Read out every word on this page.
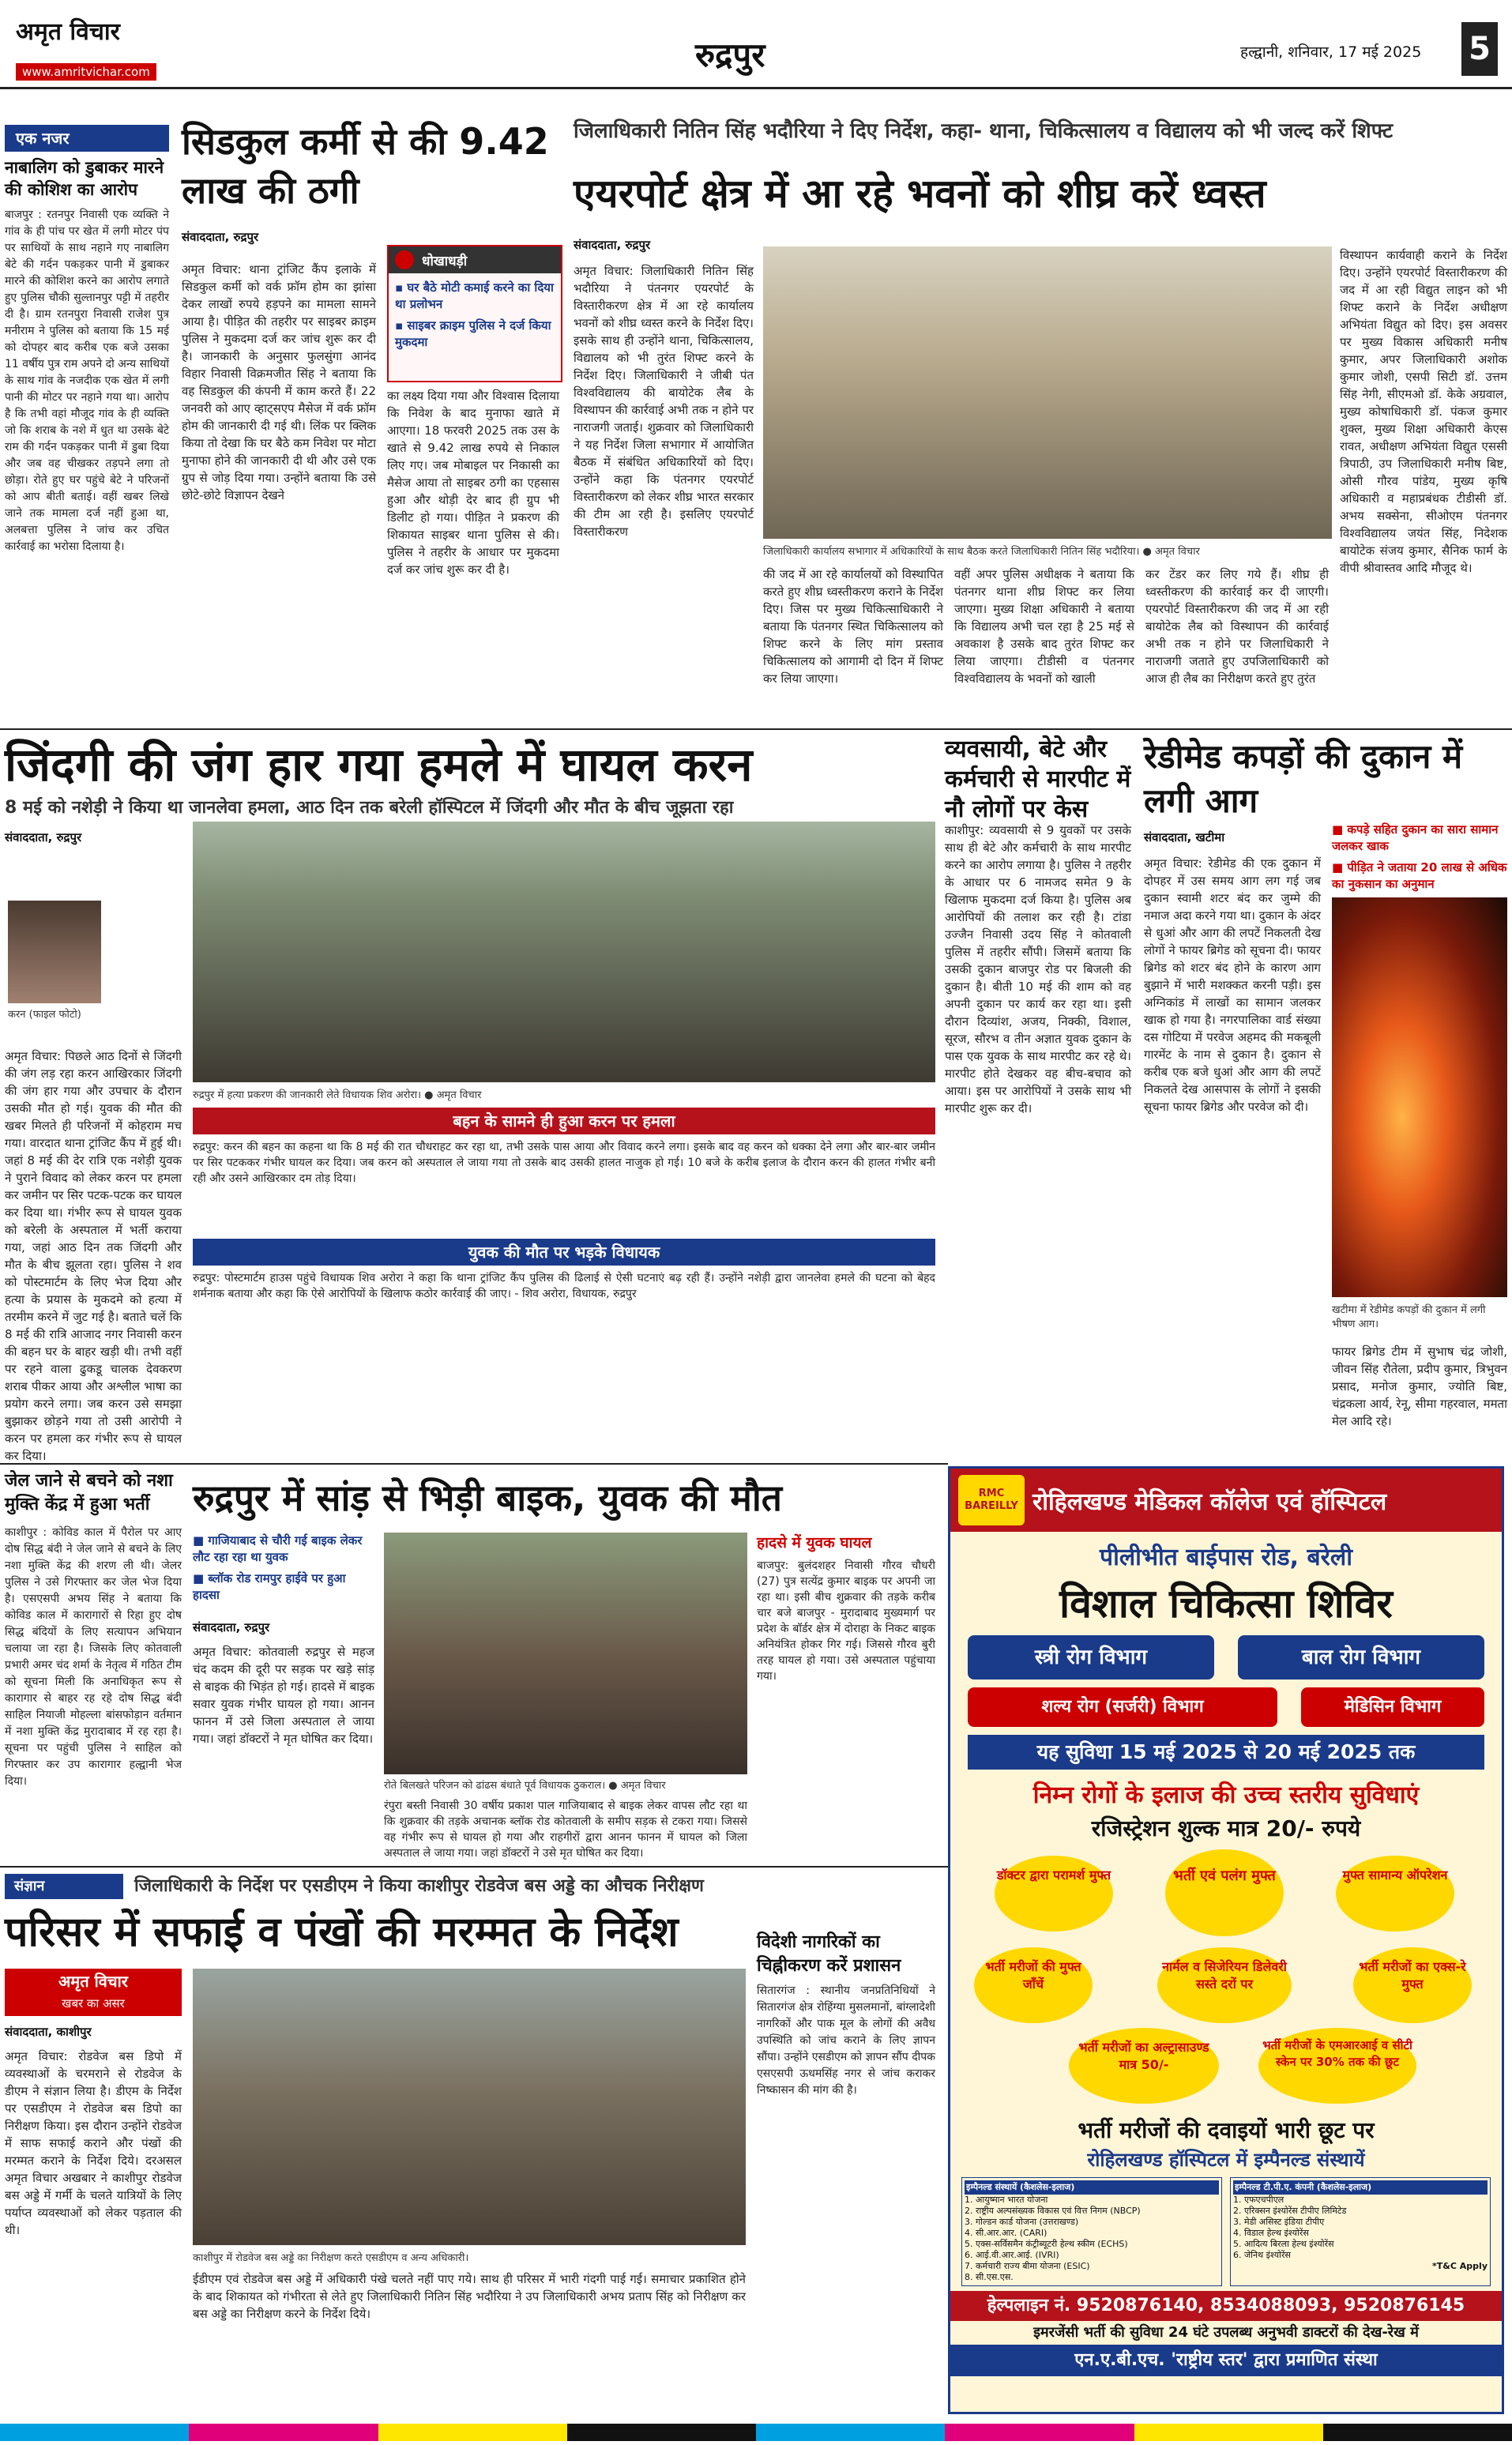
अमृत विचार
www.amritvichar.com	रुद्रपुर	हल्द्वानी, शनिवार, 17 मई 2025 5
एक नजर
नाबालिग को डुबाकर मारने की कोशिश का आरोप
बाजपुर : रतनपुर निवासी एक व्यक्ति ने गांव के ही पांच पर खेत में लगी मोटर पंप पर साथियों के साथ नहाने गए नाबालिग बेटे की गर्दन पकड़कर पानी में डुबाकर मारने की कोशिश करने का आरोप लगाते हुए पुलिस चौकी सुल्तानपुर पट्टी में तहरीर दी है। ग्राम रतनपुरा निवासी राजेश पुत्र मनीराम ने पुलिस को बताया कि 15 मई को दोपहर बाद करीब एक बजे उसका 11 वर्षीय पुत्र राम अपने दो अन्य साथियों के साथ गांव के नजदीक एक खेत में लगी पानी की मोटर पर नहाने गया था। आरोप है कि तभी वहां मौजूद गांव के ही व्यक्ति जो कि शराब के नशे में धुत था उसके बेटे राम की गर्दन पकड़कर पानी में डुबा दिया और जब वह चीखकर तड़पने लगा तो छोड़ा। रोते हुए घर पहुंचे बेटे ने परिजनों को आप बीती बताई। वहीं खबर लिखे जाने तक मामला दर्ज नहीं हुआ था, अलबत्ता पुलिस ने जांच कर उचित कार्रवाई का भरोसा दिलाया है।
सिडकुल कर्मी से की 9.42 लाख की ठगी
संवाददाता, रुद्रपुर
अमृत विचार: थाना ट्रांजिट कैंप इलाके में सिडकुल कर्मी को वर्क फ्रॉम होम का झांसा देकर लाखों रुपये हड़पने का मामला सामने आया है। पीड़ित की तहरीर पर साइबर क्राइम पुलिस ने मुकदमा दर्ज कर जांच शुरू कर दी है। जानकारी के अनुसार फुलसुंगा आनंद विहार निवासी विक्रमजीत सिंह ने बताया कि वह सिडकुल की कंपनी में काम करते हैं। 22 जनवरी को आए व्हाट्सएप मैसेज में वर्क फ्रॉम होम की जानकारी दी गई थी। लिंक पर क्लिक किया तो देखा कि घर बैठे कम निवेश पर मोटा मुनाफा होने की जानकारी दी थी और उसे एक ग्रुप से जोड़ दिया गया। उन्होंने बताया कि उसे छोटे-छोटे विज्ञापन देखने
धोखाधड़ी
▪ घर बैठे मोटी कमाई करने का दिया था प्रलोभन
▪ साइबर क्राइम पुलिस ने दर्ज किया मुकदमा
का लक्ष्य दिया गया और विश्वास दिलाया कि निवेश के बाद मुनाफा खाते में आएगा। 18 फरवरी 2025 तक उस के खाते से 9.42 लाख रुपये से निकाल लिए गए। जब मोबाइल पर निकासी का मैसेज आया तो साइबर ठगी का एहसास हुआ और थोड़ी देर बाद ही ग्रुप भी डिलीट हो गया। पीड़ित ने प्रकरण की शिकायत साइबर थाना पुलिस से की। पुलिस ने तहरीर के आधार पर मुकदमा दर्ज कर जांच शुरू कर दी है।
जिलाधिकारी नितिन सिंह भदौरिया ने दिए निर्देश, कहा- थाना, चिकित्सालय व विद्यालय को भी जल्द करें शिफ्ट
एयरपोर्ट क्षेत्र में आ रहे भवनों को शीघ्र करें ध्वस्त
संवाददाता, रुद्रपुर
अमृत विचार: जिलाधिकारी नितिन सिंह भदौरिया ने पंतनगर एयरपोर्ट के विस्तारीकरण क्षेत्र में आ रहे कार्यालय भवनों को शीघ्र ध्वस्त करने के निर्देश दिए। इसके साथ ही उन्होंने थाना, चिकित्सालय, विद्यालय को भी तुरंत शिफ्ट करने के निर्देश दिए। जिलाधिकारी ने जीबी पंत विश्वविद्यालय की बायोटेक लैब के विस्थापन की कार्रवाई अभी तक न होने पर नाराजगी जताई। शुक्रवार को जिलाधिकारी ने यह निर्देश जिला सभागार में आयोजित बैठक में संबंधित अधिकारियों को दिए। उन्होंने कहा कि पंतनगर एयरपोर्ट विस्तारीकरण को लेकर शीघ्र भारत सरकार की टीम आ रही है। इसलिए एयरपोर्ट विस्तारीकरण
जिलाधिकारी कार्यालय सभागार में अधिकारियों के साथ बैठक करते जिलाधिकारी नितिन सिंह भदौरिया। ● अमृत विचार
की जद में आ रहे कार्यालयों को विस्थापित करते हुए शीघ्र ध्वस्तीकरण कराने के निर्देश दिए। जिस पर मुख्य चिकित्साधिकारी ने बताया कि पंतनगर स्थित चिकित्सालय को शिफ्ट करने के लिए मांग प्रस्ताव चिकित्सालय को आगामी दो दिन में शिफ्ट कर लिया जाएगा।
वहीं अपर पुलिस अधीक्षक ने बताया कि पंतनगर थाना शीघ्र शिफ्ट कर लिया जाएगा। मुख्य शिक्षा अधिकारी ने बताया कि विद्यालय अभी चल रहा है 25 मई से अवकाश है उसके बाद तुरंत शिफ्ट कर लिया जाएगा। टीडीसी व पंतनगर विश्वविद्यालय के भवनों को खाली
कर टेंडर कर लिए गये हैं। शीघ्र ही ध्वस्तीकरण की कार्रवाई कर दी जाएगी। एयरपोर्ट विस्तारीकरण की जद में आ रही बायोटेक लैब को विस्थापन की कार्रवाई अभी तक न होने पर जिलाधिकारी ने नाराजगी जताते हुए उपजिलाधिकारी को आज ही लैब का निरीक्षण करते हुए तुरंत
विस्थापन कार्यवाही कराने के निर्देश दिए। उन्होंने एयरपोर्ट विस्तारीकरण की जद में आ रही विद्युत लाइन को भी शिफ्ट कराने के निर्देश अधीक्षण अभियंता विद्युत को दिए। इस अवसर पर मुख्य विकास अधिकारी मनीष कुमार, अपर जिलाधिकारी अशोक कुमार जोशी, एसपी सिटी डॉ. उत्तम सिंह नेगी, सीएमओ डॉ. केके अग्रवाल, मुख्य कोषाधिकारी डॉ. पंकज कुमार शुक्ल, मुख्य शिक्षा अधिकारी केएस रावत, अधीक्षण अभियंता विद्युत एससी त्रिपाठी, उप जिलाधिकारी मनीष बिष्ट, ओसी गौरव पांडेय, मुख्य कृषि अधिकारी व महाप्रबंधक टीडीसी डॉ. अभय सक्सेना, सीओएम पंतनगर विश्वविद्यालय जयंत सिंह, निदेशक बायोटेक संजय कुमार, सैनिक फार्म के वीपी श्रीवास्तव आदि मौजूद थे।
जिंदगी की जंग हार गया हमले में घायल करन
8 मई को नशेड़ी ने किया था जानलेवा हमला, आठ दिन तक बरेली हॉस्पिटल में जिंदगी और मौत के बीच जूझता रहा
संवाददाता, रुद्रपुर
करन (फाइल फोटो)
अमृत विचार: पिछले आठ दिनों से जिंदगी की जंग लड़ रहा करन आखिरकार जिंदगी की जंग हार गया और उपचार के दौरान उसकी मौत हो गई। युवक की मौत की खबर मिलते ही परिजनों में कोहराम मच गया। वारदात थाना ट्रांजिट कैंप में हुई थी। जहां 8 मई की देर रात्रि एक नशेड़ी युवक ने पुराने विवाद को लेकर करन पर हमला कर जमीन पर सिर पटक-पटक कर घायल कर दिया था। गंभीर रूप से घायल युवक को बरेली के अस्पताल में भर्ती कराया गया, जहां आठ दिन तक जिंदगी और मौत के बीच झूलता रहा। पुलिस ने शव को पोस्टमार्टम के लिए भेज दिया और हत्या के प्रयास के मुकदमे को हत्या में तरमीम करने में जुट गई है। बताते चलें कि 8 मई की रात्रि आजाद नगर निवासी करन की बहन घर के बाहर खड़ी थी। तभी वहीं पर रहने वाला ढुकडू चालक देवकरण शराब पीकर आया और अश्लील भाषा का प्रयोग करने लगा। जब करन उसे समझा बुझाकर छोड़ने गया तो उसी आरोपी ने करन पर हमला कर गंभीर रूप से घायल कर दिया।
रुद्रपुर में हत्या प्रकरण की जानकारी लेते विधायक शिव अरोरा। ● अमृत विचार
बहन के सामने ही हुआ करन पर हमला
रुद्रपुर: करन की बहन का कहना था कि 8 मई की रात चौधराहट कर रहा था, तभी उसके पास आया और विवाद करने लगा। इसके बाद वह करन को धक्का देने लगा और बार-बार जमीन पर सिर पटककर गंभीर घायल कर दिया। जब करन को अस्पताल ले जाया गया तो उसके बाद उसकी हालत नाजुक हो गई। 10 बजे के करीब इलाज के दौरान करन की हालत गंभीर बनी रही और उसने आखिरकार दम तोड़ दिया।
युवक की मौत पर भड़के विधायक
रुद्रपुर: पोस्टमार्टम हाउस पहुंचे विधायक शिव अरोरा ने कहा कि थाना ट्रांजिट कैंप पुलिस की ढिलाई से ऐसी घटनाएं बढ़ रही हैं। उन्होंने नशेड़ी द्वारा जानलेवा हमले की घटना को बेहद शर्मनाक बताया और कहा कि ऐसे आरोपियों के खिलाफ कठोर कार्रवाई की जाए। - शिव अरोरा, विधायक, रुद्रपुर
व्यवसायी, बेटे और कर्मचारी से मारपीट में नौ लोगों पर केस
काशीपुर: व्यवसायी से 9 युवकों पर उसके साथ ही बेटे और कर्मचारी के साथ मारपीट करने का आरोप लगाया है। पुलिस ने तहरीर के आधार पर 6 नामजद समेत 9 के खिलाफ मुकदमा दर्ज किया है। पुलिस अब आरोपियों की तलाश कर रही है। टांडा उज्जैन निवासी उदय सिंह ने कोतवाली पुलिस में तहरीर सौंपी। जिसमें बताया कि उसकी दुकान बाजपुर रोड पर बिजली की दुकान है। बीती 10 मई की शाम को वह अपनी दुकान पर कार्य कर रहा था। इसी दौरान दिव्यांश, अजय, निक्की, विशाल, सूरज, सौरभ व तीन अज्ञात युवक दुकान के पास एक युवक के साथ मारपीट कर रहे थे। मारपीट होते देखकर वह बीच-बचाव को आया। इस पर आरोपियों ने उसके साथ भी मारपीट शुरू कर दी।
रेडीमेड कपड़ों की दुकान में लगी आग
संवाददाता, खटीमा
अमृत विचार: रेडीमेड की एक दुकान में दोपहर में उस समय आग लग गई जब दुकान स्वामी शटर बंद कर जुम्मे की नमाज अदा करने गया था। दुकान के अंदर से धुआं और आग की लपटें निकलती देख लोगों ने फायर ब्रिगेड को सूचना दी। फायर ब्रिगेड को शटर बंद होने के कारण आग बुझाने में भारी मशक्कत करनी पड़ी। इस अग्निकांड में लाखों का सामान जलकर खाक हो गया है। नगरपालिका वार्ड संख्या दस गोटिया में परवेज अहमद की मकबूली गारमेंट के नाम से दुकान है। दुकान से करीब एक बजे धुआं और आग की लपटें निकलते देख आसपास के लोगों ने इसकी सूचना फायर ब्रिगेड और परवेज को दी।
■ कपड़े सहित दुकान का सारा सामान जलकर खाक
■ पीड़ित ने जताया 20 लाख से अधिक का नुकसान का अनुमान
खटीमा में रेडीमेड कपड़ों की दुकान में लगी भीषण आग।
फायर ब्रिगेड टीम में सुभाष चंद्र जोशी, जीवन सिंह रौतेला, प्रदीप कुमार, त्रिभुवन प्रसाद, मनोज कुमार, ज्योति बिष्ट, चंद्रकला आर्य, रेनू, सीमा गहरवाल, ममता मेल आदि रहे।
जेल जाने से बचने को नशा मुक्ति केंद्र में हुआ भर्ती
काशीपुर : कोविड काल में पैरोल पर आए दोष सिद्ध बंदी ने जेल जाने से बचने के लिए नशा मुक्ति केंद्र की शरण ली थी। जेलर पुलिस ने उसे गिरफ्तार कर जेल भेज दिया है। एसएसपी अभय सिंह ने बताया कि कोविड काल में कारागारों से रिहा हुए दोष सिद्ध बंदियों के लिए सत्यापन अभियान चलाया जा रहा है। जिसके लिए कोतवाली प्रभारी अमर चंद शर्मा के नेतृत्व में गठित टीम को सूचना मिली कि अनाधिकृत रूप से कारागार से बाहर रह रहे दोष सिद्ध बंदी साहिल नियाजी मोहल्ला बांसफोड़ान वर्तमान में नशा मुक्ति केंद्र मुरादाबाद में रह रहा है। सूचना पर पहुंची पुलिस ने साहिल को गिरफ्तार कर उप कारागार हल्द्वानी भेज दिया।
रुद्रपुर में सांड़ से भिड़ी बाइक, युवक की मौत
■ गाजियाबाद से चौरी गई बाइक लेकर लौट रहा रहा था युवक
■ ब्लॉक रोड रामपुर हाईवे पर हुआ हादसा
संवाददाता, रुद्रपुर
अमृत विचार: कोतवाली रुद्रपुर से महज चंद कदम की दूरी पर सड़क पर खड़े सांड़ से बाइक की भिड़ंत हो गई। हादसे में बाइक सवार युवक गंभीर घायल हो गया। आनन फानन में उसे जिला अस्पताल ले जाया गया। जहां डॉक्टरों ने मृत घोषित कर दिया।
रोते बिलखते परिजन को ढांढस बंधाते पूर्व विधायक ठुकराल। ● अमृत विचार
रंपुरा बस्ती निवासी 30 वर्षीय प्रकाश पाल गाजियाबाद से बाइक लेकर वापस लौट रहा था कि शुक्रवार की तड़के अचानक ब्लॉक रोड कोतवाली के समीप सड़क से टकरा गया। जिससे वह गंभीर रूप से घायल हो गया और राहगीरों द्वारा आनन फानन में घायल को जिला अस्पताल ले जाया गया। जहां डॉक्टरों ने उसे मृत घोषित कर दिया।
हादसे में युवक घायल
बाजपुर: बुलंदशहर निवासी गौरव चौधरी (27) पुत्र सत्येंद्र कुमार बाइक पर अपनी जा रहा था। इसी बीच शुक्रवार की तड़के करीब चार बजे बाजपुर - मुरादाबाद मुख्यमार्ग पर प्रदेश के बॉर्डर क्षेत्र में दोराहा के निकट बाइक अनियंत्रित होकर गिर गई। जिससे गौरव बुरी तरह घायल हो गया। उसे अस्पताल पहुंचाया गया।
संज्ञान	जिलाधिकारी के निर्देश पर एसडीएम ने किया काशीपुर रोडवेज बस अड्डे का औचक निरीक्षण
परिसर में सफाई व पंखों की मरम्मत के निर्देश
अमृत विचार
खबर का असर
संवाददाता, काशीपुर
अमृत विचार: रोडवेज बस डिपो में व्यवस्थाओं के चरमराने से रोडवेज के डीएम ने संज्ञान लिया है। डीएम के निर्देश पर एसडीएम ने रोडवेज बस डिपो का निरीक्षण किया। इस दौरान उन्होंने रोडवेज में साफ सफाई कराने और पंखों की मरम्मत कराने के निर्देश दिये। दरअसल अमृत विचार अखबार ने काशीपुर रोडवेज बस अड्डे में गर्मी के चलते यात्रियों के लिए पर्याप्त व्यवस्थाओं को लेकर पड़ताल की थी।
काशीपुर में रोडवेज बस अड्डे का निरीक्षण करते एसडीएम व अन्य अधिकारी।
ईडीएम एवं रोडवेज बस अड्डे में अधिकारी पंखे चलते नहीं पाए गये। साथ ही परिसर में भारी गंदगी पाई गई। समाचार प्रकाशित होने के बाद शिकायत को गंभीरता से लेते हुए जिलाधिकारी नितिन सिंह भदौरिया ने उप जिलाधिकारी अभय प्रताप सिंह को निरीक्षण कर बस अड्डे का निरीक्षण करने के निर्देश दिये।
विदेशी नागरिकों का चिह्नीकरण करें प्रशासन
सितारगंज : स्थानीय जनप्रतिनिधियों ने सितारगंज क्षेत्र रोहिंग्या मुसलमानों, बांग्लादेशी नागरिकों और पाक मूल के लोगों की अवैध उपस्थिति को जांच कराने के लिए ज्ञापन सौंपा। उन्होंने एसडीएम को ज्ञापन सौंप दीपक एसएसपी ऊधमसिंह नगर से जांच कराकर निष्कासन की मांग की है।
RMC BAREILLY रोहिलखण्ड मेडिकल कॉलेज एवं हॉस्पिटल
पीलीभीत बाईपास रोड, बरेली
विशाल चिकित्सा शिविर
स्त्री रोग विभाग	बाल रोग विभाग
शल्य रोग (सर्जरी) विभाग	मेडिसिन विभाग
यह सुविधा 15 मई 2025 से 20 मई 2025 तक
निम्न रोगों के इलाज की उच्च स्तरीय सुविधाएं
रजिस्ट्रेशन शुल्क मात्र 20/- रुपये
डॉक्टर द्वारा परामर्श मुफ्त	भर्ती एवं पलंग मुफ्त	मुफ्त सामान्य ऑपरेशन
भर्ती मरीजों की मुफ्त जाँचें
नार्मल व सिजेरियन डिलेवरी सस्ते दरों पर
भर्ती मरीजों का एक्स-रे मुफ्त
भर्ती मरीजों का अल्ट्रासाउण्ड मात्र 50/-
भर्ती मरीजों के एमआरआई व सीटी स्केन पर 30% तक की छूट
भर्ती मरीजों की दवाइयों भारी छूट पर
रोहिलखण्ड हॉस्पिटल में इम्पैनल्ड संस्थायें
इम्पैनल्ड संस्थायें (कैशलेस-इलाज)
1. आयुष्मान भारत योजना
2. राष्ट्रीय अल्पसंख्यक विकास एवं वित्त निगम (NBCP)
3. गोल्डन कार्ड योजना (उत्तराखण्ड)
4. सी.आर.आर. (CARI)
5. एक्स-सर्विसमैन कंट्रीब्यूटरी हेल्थ स्कीम (ECHS)
6. आई.वी.आर.आई. (IVRI)
7. कर्मचारी राज्य बीमा योजना (ESIC)
8. सी.एस.एस.
इम्पैनल्ड टी.पी.ए. कंपनी (कैशलेस-इलाज)
1. एफएचपीएल
2. एरिक्सन इंश्योरेंस टीपीए लिमिटेड
3. मेडी असिस्ट इंडिया टीपीए
4. विडाल हेल्थ इंश्योरेंस
5. आदित्य बिरला हेल्थ इंश्योरेंस
6. जेनिथ इंश्योरेंस
*T&C Apply
हेल्पलाइन नं. 9520876140, 8534088093, 9520876145
इमरजेंसी भर्ती की सुविधा 24 घंटे उपलब्ध अनुभवी डाक्टरों की देख-रेख में
एन.ए.बी.एच. 'राष्ट्रीय स्तर' द्वारा प्रमाणित संस्था
